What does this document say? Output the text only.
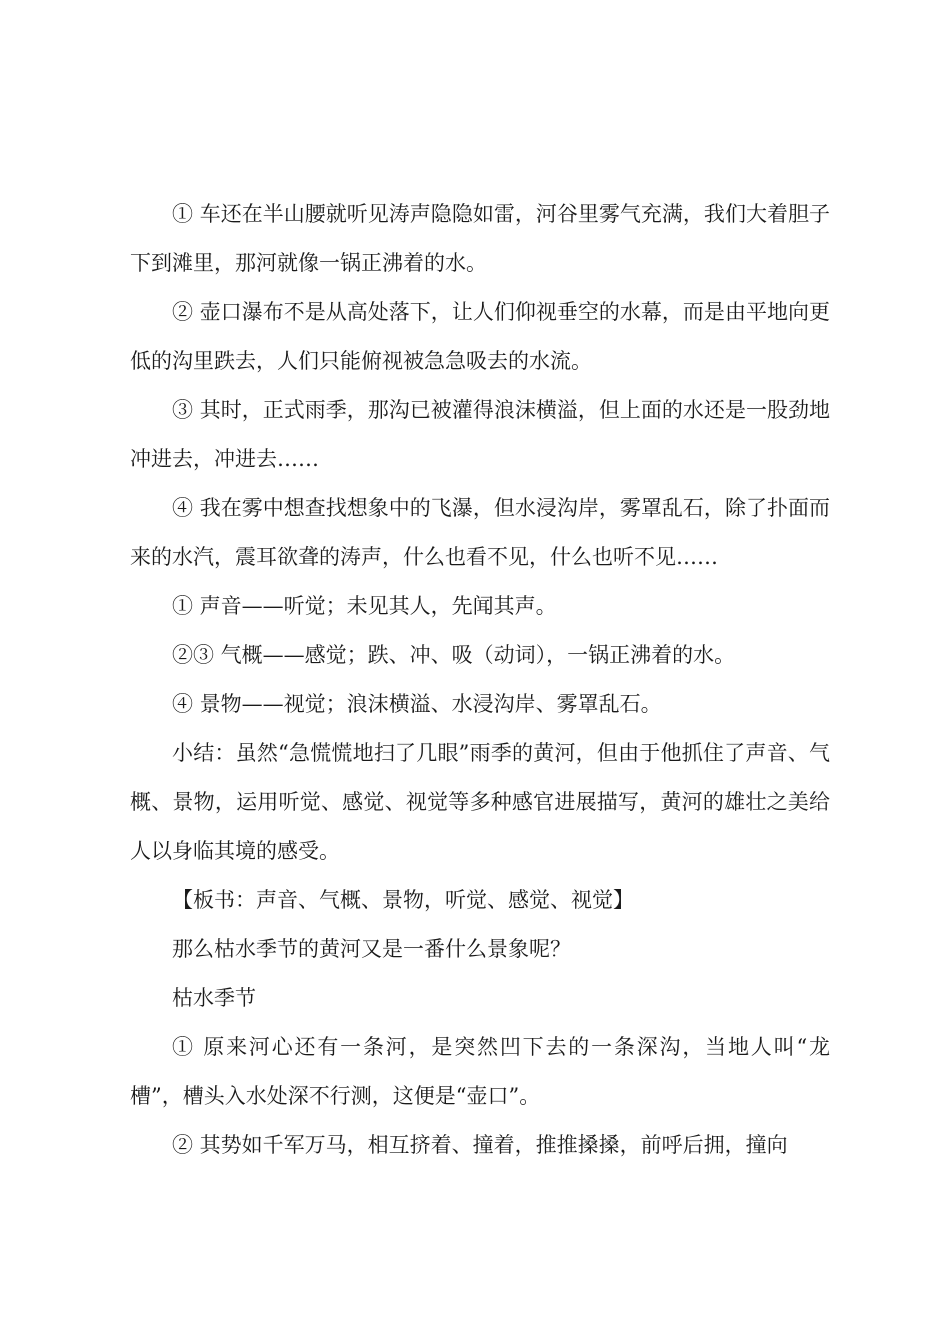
① 车还在半山腰就听见涛声隐隐如雷，河谷里雾气充满，我们大着胆子下到滩里，那河就像一锅正沸着的水。

② 壶口瀑布不是从高处落下，让人们仰视垂空的水幕，而是由平地向更低的沟里跌去，人们只能俯视被急急吸去的水流。

③ 其时，正式雨季，那沟已被灌得浪沫横溢，但上面的水还是一股劲地冲进去，冲进去……

④ 我在雾中想查找想象中的飞瀑，但水浸沟岸，雾罩乱石，除了扑面而来的水汽，震耳欲聋的涛声，什么也看不见，什么也听不见……

① 声音——听觉；未见其人，先闻其声。

②③ 气概——感觉；跌、冲、吸（动词），一锅正沸着的水。

④ 景物——视觉；浪沫横溢、水浸沟岸、雾罩乱石。

小结：虽然“急慌慌地扫了几眼”雨季的黄河，但由于他抓住了声音、气概、景物，运用听觉、感觉、视觉等多种感官进展描写，黄河的雄壮之美给人以身临其境的感受。

【板书：声音、气概、景物，听觉、感觉、视觉】

那么枯水季节的黄河又是一番什么景象呢？

枯水季节

① 原来河心还有一条河，是突然凹下去的一条深沟，当地人叫“龙槽”，槽头入水处深不行测，这便是“壶口”。

② 其势如千军万马，相互挤着、撞着，推推搡搡，前呼后拥，撞向
